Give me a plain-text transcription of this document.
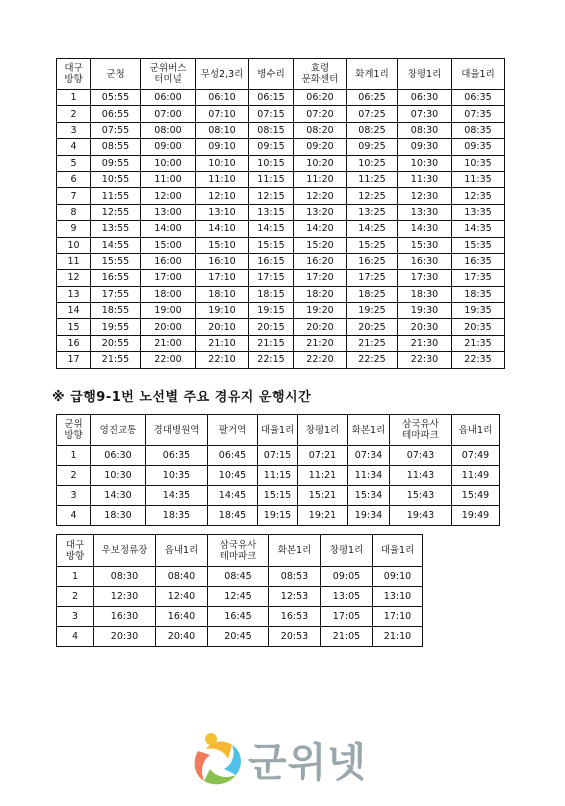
대구
방향	군청	군위버스
터미널	무성2,3리	병수리	효령
문화센터	화계1리	창평1리	대율1리
1	05:55	06:00	06:10	06:15	06:20	06:25	06:30	06:35
2	06:55	07:00	07:10	07:15	07:20	07:25	07:30	07:35
3	07:55	08:00	08:10	08:15	08:20	08:25	08:30	08:35
4	08:55	09:00	09:10	09:15	09:20	09:25	09:30	09:35
5	09:55	10:00	10:10	10:15	10:20	10:25	10:30	10:35
6	10:55	11:00	11:10	11:15	11:20	11:25	11:30	11:35
7	11:55	12:00	12:10	12:15	12:20	12:25	12:30	12:35
8	12:55	13:00	13:10	13:15	13:20	13:25	13:30	13:35
9	13:55	14:00	14:10	14:15	14:20	14:25	14:30	14:35
10	14:55	15:00	15:10	15:15	15:20	15:25	15:30	15:35
11	15:55	16:00	16:10	16:15	16:20	16:25	16:30	16:35
12	16:55	17:00	17:10	17:15	17:20	17:25	17:30	17:35
13	17:55	18:00	18:10	18:15	18:20	18:25	18:30	18:35
14	18:55	19:00	19:10	19:15	19:20	19:25	19:30	19:35
15	19:55	20:00	20:10	20:15	20:20	20:25	20:30	20:35
16	20:55	21:00	21:10	21:15	21:20	21:25	21:30	21:35
17	21:55	22:00	22:10	22:15	22:20	22:25	22:30	22:35
※ 급행9-1번 노선별 주요 경유지 운행시간
군위
방향	영진교통	경대병원역	팔거역	대율1리	창평1리	화본1리	삼국유사
테마파크	읍내1리
1	06:30	06:35	06:45	07:15	07:21	07:34	07:43	07:49
2	10:30	10:35	10:45	11:15	11:21	11:34	11:43	11:49
3	14:30	14:35	14:45	15:15	15:21	15:34	15:43	15:49
4	18:30	18:35	18:45	19:15	19:21	19:34	19:43	19:49
대구
방향	우보정류장	읍내1리	삼국유사
테마파크	화본1리	창평1리	대율1리
1	08:30	08:40	08:45	08:53	09:05	09:10
2	12:30	12:40	12:45	12:53	13:05	13:10
3	16:30	16:40	16:45	16:53	17:05	17:10
4	20:30	20:40	20:45	20:53	21:05	21:10
군위넷
